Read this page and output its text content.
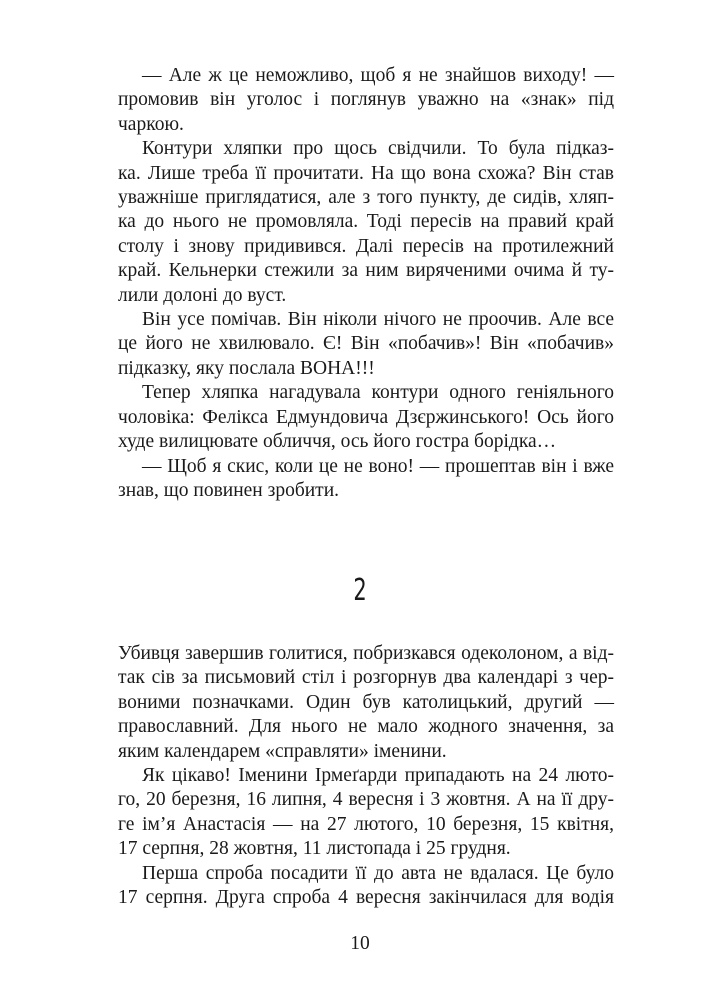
— Але ж це неможливо, щоб я не знайшов виходу! —
промовив він уголос і поглянув уважно на «знак» під
чаркою.
Контури хляпки про щось свідчили. То була підказ-
ка. Лише треба її прочитати. На що вона схожа? Він став
уважніше приглядатися, але з того пункту, де сидів, хляп-
ка до нього не промовляла. Тоді пересів на правий край
столу і знову придивився. Далі пересів на протилежний
край. Кельнерки стежили за ним виряченими очима й ту-
лили долоні до вуст.
Він усе помічав. Він ніколи нічого не проочив. Але все
це його не хвилювало. Є! Він «побачив»! Він «побачив»
підказку, яку послала ВОНА!!!
Тепер хляпка нагадувала контури одного геніяльного
чоловіка: Фелікса Едмундовича Дзєржинського! Ось його
худе вилицювате обличчя, ось його гостра борідка…
— Щоб я скис, коли це не воно! — прошептав він і вже
знав, що повинен зробити.
2
Убивця завершив голитися, побризкався одеколоном, а від-
так сів за письмовий стіл і розгорнув два календарі з чер-
воними позначками. Один був католицький, другий —
православний. Для нього не мало жодного значення, за
яким календарем «справляти» іменини.
Як цікаво! Іменини Ірмеґарди припадають на 24 люто-
го, 20 березня, 16 липня, 4 вересня і 3 жовтня. А на її дру-
ге ім’я Анастасія — на 27 лютого, 10 березня, 15 квітня,
17 серпня, 28 жовтня, 11 листопада і 25 грудня.
Перша спроба посадити її до авта не вдалася. Це було
17 серпня. Друга спроба 4 вересня закінчилася для водія
10
